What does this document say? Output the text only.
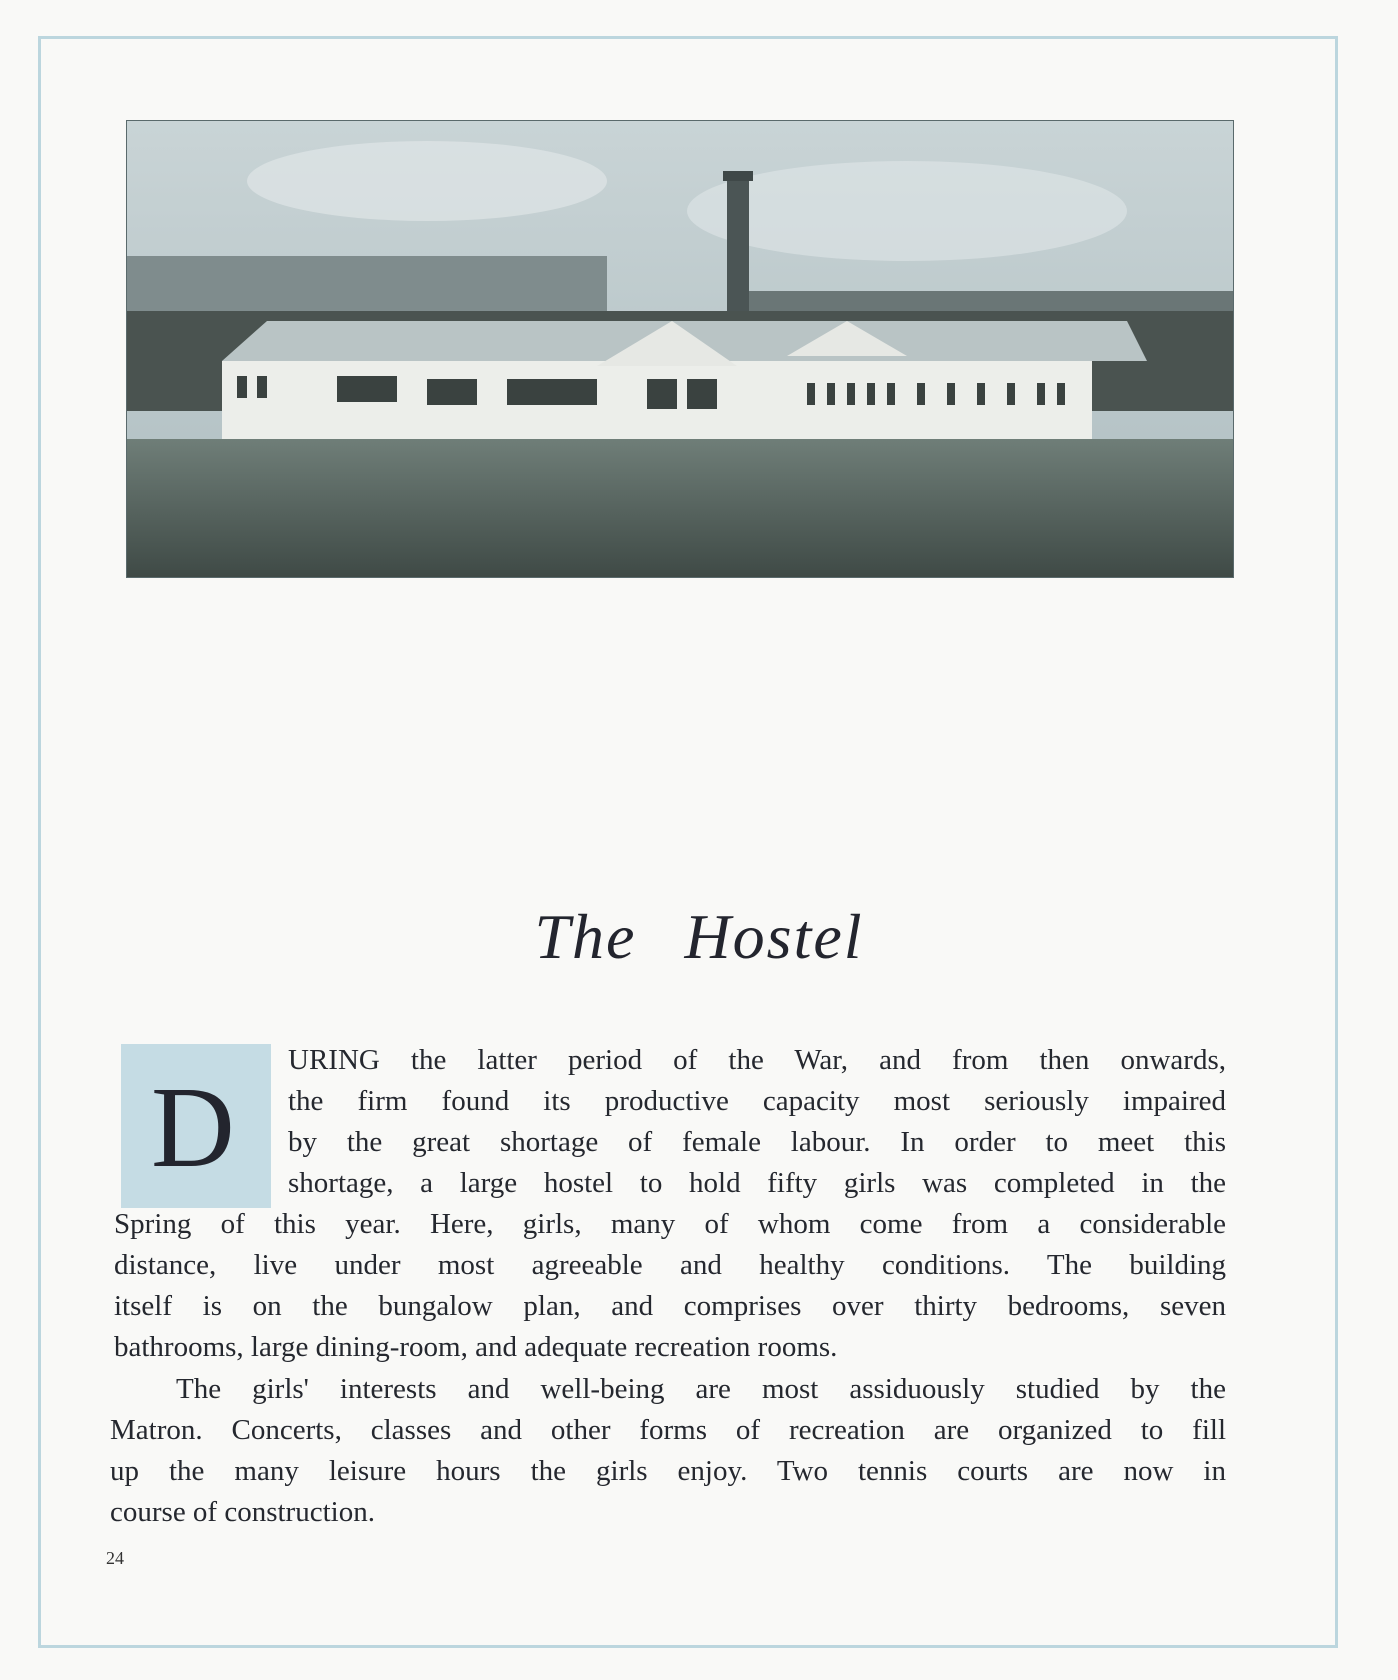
The Hostel
D
URING the latter period of the War, and from then onwards,
the firm found its productive capacity most seriously impaired
by the great shortage of female labour. In order to meet this
shortage, a large hostel to hold fifty girls was completed in the
Spring of this year. Here, girls, many of whom come from a considerable
distance, live under most agreeable and healthy conditions. The building
itself is on the bungalow plan, and comprises over thirty bedrooms, seven
bathrooms, large dining-room, and adequate recreation rooms.
The girls' interests and well-being are most assiduously studied by the
Matron. Concerts, classes and other forms of recreation are organized to fill
up the many leisure hours the girls enjoy. Two tennis courts are now in
course of construction.
24
